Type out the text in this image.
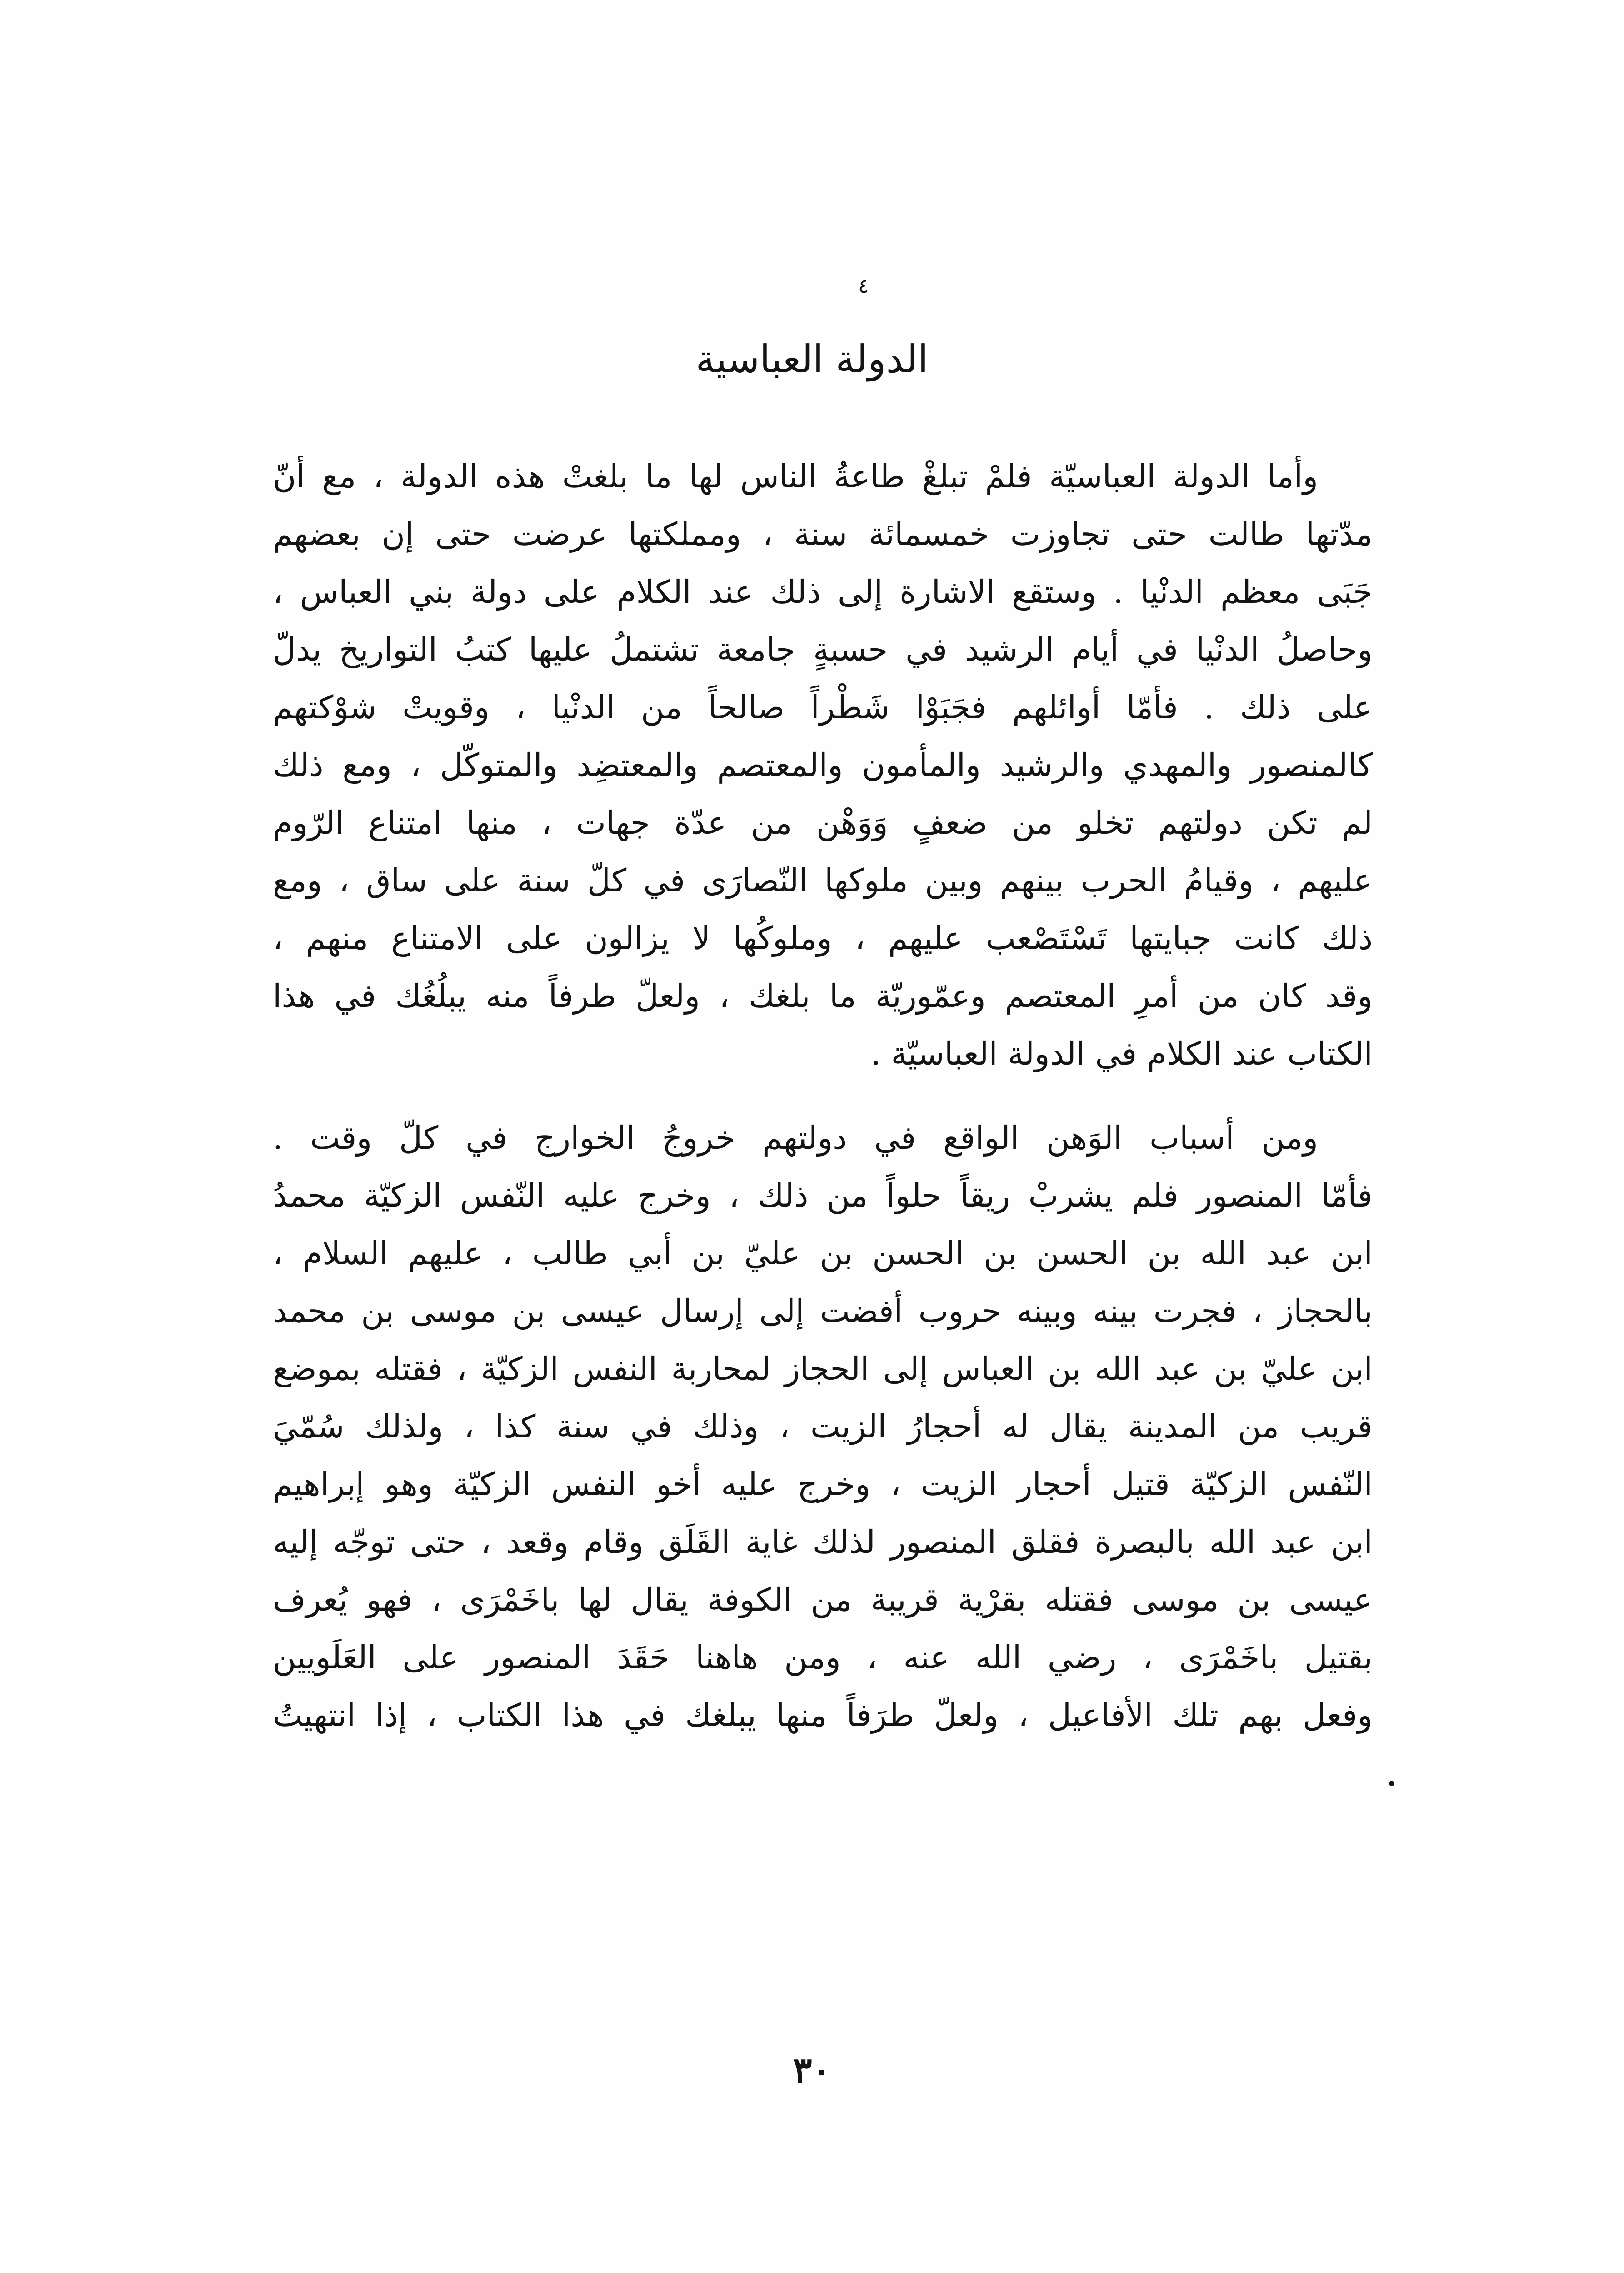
٤
الدولة العباسية
وأما الدولة العباسيّة فلمْ تبلغْ طاعةُ الناس لها ما بلغتْ هذه الدولة ، مع أنّ
مدّتها طالت حتى تجاوزت خمسمائة سنة ، ومملكتها عرضت حتى إن بعضهم
جَبَى معظم الدنْيا . وستقع الاشارة إلى ذلك عند الكلام على دولة بني العباس ،
وحاصلُ الدنْيا في أيام الرشيد في حسبةٍ جامعة تشتملُ عليها كتبُ التواريخ يدلّ
على ذلك . فأمّا أوائلهم فجَبَوْا شَطْراً صالحاً من الدنْيا ، وقويتْ شوْكتهم
كالمنصور والمهدي والرشيد والمأمون والمعتصم والمعتضِد والمتوكّل ، ومع ذلك
لم تكن دولتهم تخلو من ضعفٍ وَوَهْن من عدّة جهات ، منها امتناع الرّوم
عليهم ، وقيامُ الحرب بينهم وبين ملوكها النّصارَى في كلّ سنة على ساق ، ومع
ذلك كانت جبايتها تَسْتَصْعب عليهم ، وملوكُها لا يزالون على الامتناع منهم ،
وقد كان من أمرِ المعتصم وعمّوريّة ما بلغك ، ولعلّ طرفاً منه يبلُغُك في هذا
الكتاب عند الكلام في الدولة العباسيّة .
ومن أسباب الوَهن الواقع في دولتهم خروجُ الخوارج في كلّ وقت .
فأمّا المنصور فلم يشربْ ريقاً حلواً من ذلك ، وخرج عليه النّفس الزكيّة محمدُ
ابن عبد الله بن الحسن بن الحسن بن عليّ بن أبي طالب ، عليهم السلام ،
بالحجاز ، فجرت بينه وبينه حروب أفضت إلى إرسال عيسى بن موسى بن محمد
ابن عليّ بن عبد الله بن العباس إلى الحجاز لمحاربة النفس الزكيّة ، فقتله بموضع
قريب من المدينة يقال له أحجارُ الزيت ، وذلك في سنة كذا ، ولذلك سُمّيَ
النّفس الزكيّة قتيل أحجار الزيت ، وخرج عليه أخو النفس الزكيّة وهو إبراهيم
ابن عبد الله بالبصرة فقلق المنصور لذلك غاية القَلَق وقام وقعد ، حتى توجّه إليه
عيسى بن موسى فقتله بقرْية قريبة من الكوفة يقال لها باخَمْرَى ، فهو يُعرف
بقتيل باخَمْرَى ، رضي الله عنه ، ومن هاهنا حَقَدَ المنصور على العَلَويين
وفعل بهم تلك الأفاعيل ، ولعلّ طرَفاً منها يبلغك في هذا الكتاب ، إذا انتهيتُ
•
٣٠
